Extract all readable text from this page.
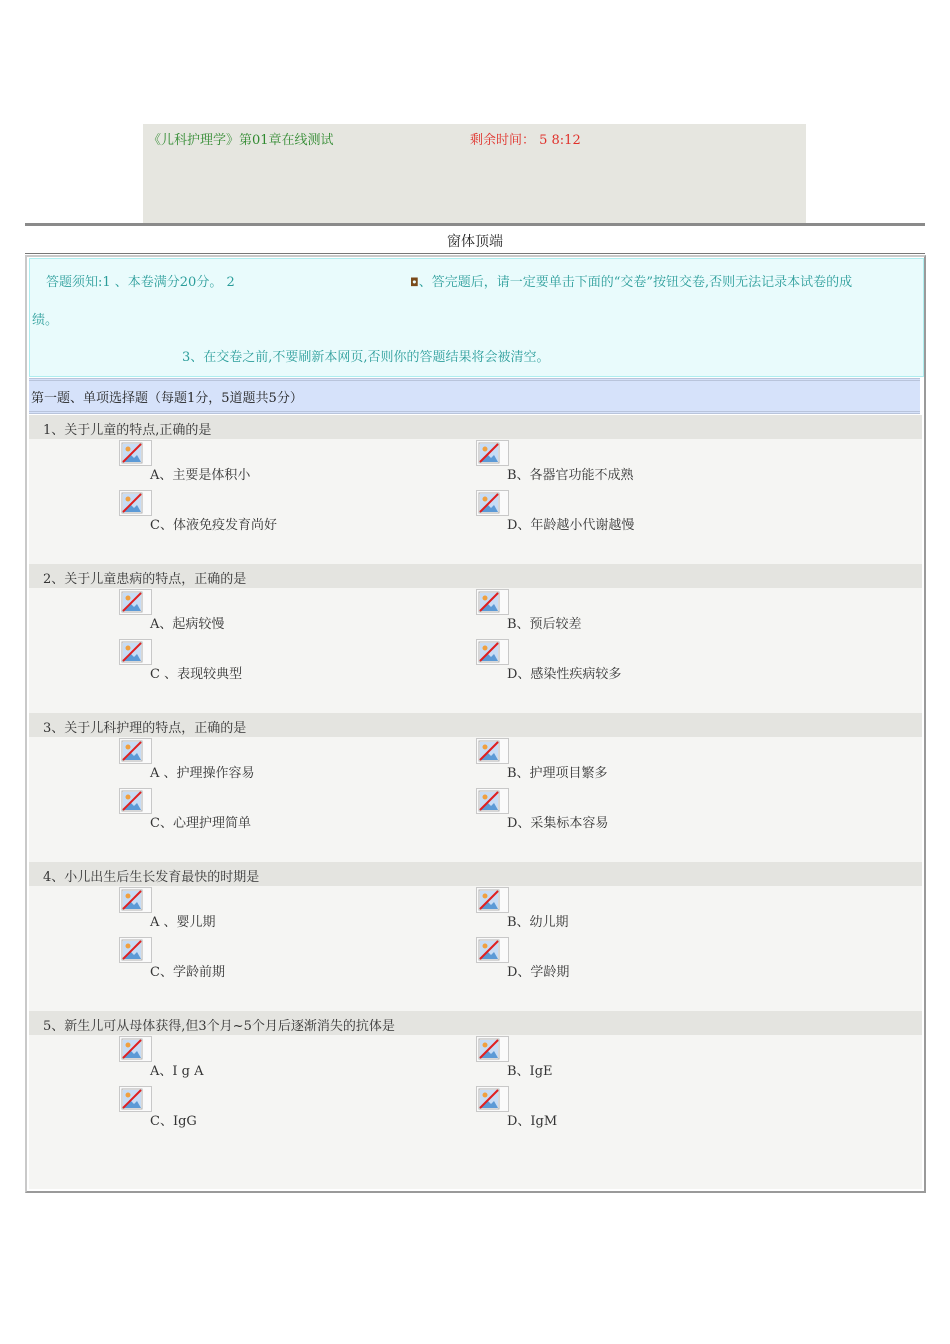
《儿科护理学》第01章在线测试	剩余时间： 5 8:12
窗体顶端
答题须知:1 、本卷满分20分。 2	◘、答完题后，请一定要单击下面的“交卷”按钮交卷,否则无法记录本试卷的成
绩。
3、在交卷之前,不要刷新本网页,否则你的答题结果将会被清空。
第一题、单项选择题（每题1分，5道题共5分）
1、关于儿童的特点,正确的是
A、主要是体积小	B、各器官功能不成熟
C、体液免疫发育尚好	D、年龄越小代谢越慢
2、关于儿童患病的特点，正确的是
A、起病较慢	B、预后较差
C 、表现较典型	D、感染性疾病较多
3、关于儿科护理的特点，正确的是
A 、护理操作容易	B、护理项目繁多
C、心理护理简单	D、采集标本容易
4、小儿出生后生长发育最快的时期是
A 、婴儿期	B、幼儿期
C、学龄前期	D、学龄期
5、新生儿可从母体获得,但3个月~5个月后逐渐消失的抗体是
A、I g A	B、IgE
C、IgG	D、IgM
